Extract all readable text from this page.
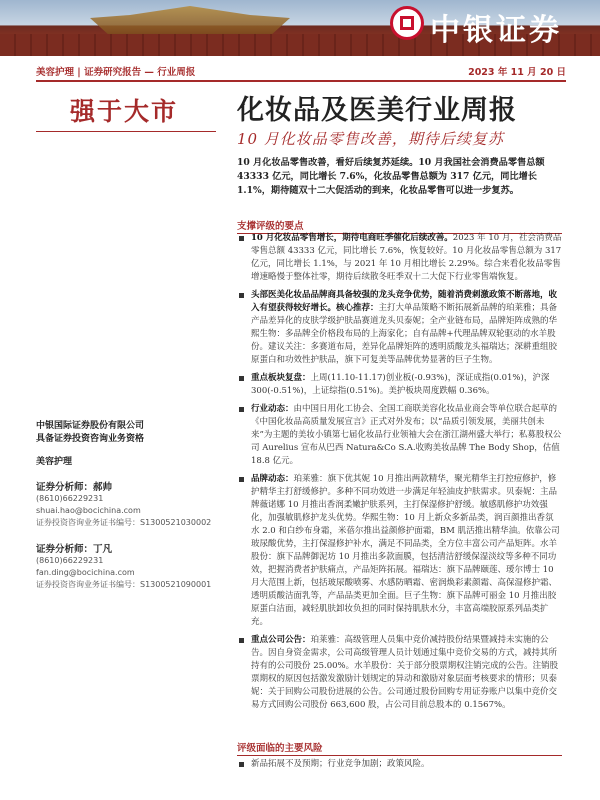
中银证券
美容护理 | 证券研究报告 — 行业周报	2023 年 11 月 20 日
强于大市	化妆品及医美行业周报
10 月化妆品零售改善，期待后续复苏
10 月化妆品零售改善，看好后续复苏延续。10 月我国社会消费品零售总额 43333 亿元，同比增长 7.6%，化妆品零售总额为 317 亿元，同比增长 1.1%，期待随双十二大促活动的到来，化妆品零售可以进一步复苏。
支撑评级的要点
10 月化妆品零售增长，期待电商旺季催化后续改善。2023 年 10 月，社会消费品零售总额 43333 亿元，同比增长 7.6%，恢复较好。10 月化妆品零售总额为 317 亿元，同比增长 1.1%，与 2021 年 10 月相比增长 2.29%。综合来看化妆品零售增速略慢于整体社零，期待后续散冬旺季双十二大促下行业零售端恢复。
头部医美化妆品品牌商具备较强的龙头竞争优势，随着消费刺激政策不断落地，收入有望获得较好增长。核心推荐：主打大单品策略不断拓展新品牌的珀莱雅；具备产品差异化的皮肤学级护肤品赛道龙头贝泰妮；全产业链布局，品牌矩阵成熟的华熙生物：多品牌全价格段布局的上海家化；自有品牌+代理品牌双轮驱动的水羊股份。建议关注：多赛道布局，差异化品牌矩阵的透明质酸龙头福瑞达；深耕重组胶原蛋白和功效性护肤品，旗下可复美等品牌优势显著的巨子生物。
重点板块复盘：上周(11.10-11.17)创业板(-0.93%)，深证成指(0.01%)，沪深 300(-0.51%)，上证综指(0.51%)。美护板块周度跌幅 0.36%。
行业动态：由中国日用化工协会、全国工商联美容化妆品业商会等单位联合起草的《中国化妆品高质量发展宣言》正式对外发布；以“品质引领发展，美丽共创未来”为主题的美妆小镇第七届化妆品行业领袖大会在浙江湖州盛大举行；私募股权公司 Aurelius 宣布从巴西 Natura&Co S.A.收购美妆品牌 The Body Shop，估值 18.8 亿元。
品牌动态：珀莱雅：旗下优其妮 10 月推出两款精华，聚光精华主打控痘修护，修护精华主打舒缓修护。多种不同功效进一步满足年轻油皮护肤需求。贝泰妮：主品牌薇诺娜 10 月推出香润柔嫩护肤系列，主打保湿修护舒缓。敏感肌修护功效强化，加强敏肌修护龙头优势。华熙生物：10 月上新众多新品类，润百颜推出香氛水 2.0 和白纱布身霜，米蓓尔推出益颜修护面霜，BM 肌活推出精华油。依靠公司玻尿酸优势，主打保湿修护补水，满足不同品类，全方位丰富公司产品矩阵。水羊股份：旗下品牌御泥坊 10 月推出多款面膜，包括清洁舒缓保湿淡纹等多种不同功效，把握消费者护肤痛点，产品矩阵拓展。福瑞达：旗下品牌颐莲、瑷尔博士 10 月大范围上新，包括玻尿酸喷雾、水感防晒霜、密润焕彩素颜霜、高保湿修护霜、透明质酸洁面乳等，产品品类更加全面。巨子生物：旗下品牌可丽金 10 月推出胶原蛋白洁面，减轻肌肤卸妆负担的同时保持肌肤水分，丰富高端胶原系列品类扩充。
重点公司公告：珀莱雅：高级管理人员集中竞价减持股份结果暨减持未实施的公告。因自身资金需求，公司高级管理人员计划通过集中竞价交易的方式，减持其所持有的公司股份 25.00%。水羊股份：关于部分股票期权注销完成的公告。注销股票期权的原因包括激发激励计划规定的异动和激励对象层面考核要求的情形；贝泰妮：关于回购公司股份进展的公告。公司通过股份回购专用证券账户以集中竞价交易方式回购公司股份 663,600 股，占公司目前总股本的 0.1567%。
评级面临的主要风险
新品拓展不及预期；行业竞争加剧；政策风险。
中银国际证券股份有限公司
具备证券投资咨询业务资格
美容护理
证券分析师：郝帅
(8610)66229231
shuai.hao@bocichina.com
证券投资咨询业务证书编号：S1300521030002
证券分析师：丁凡
(8610)66229231
fan.ding@bocichina.com
证券投资咨询业务证书编号：S1300521090001
